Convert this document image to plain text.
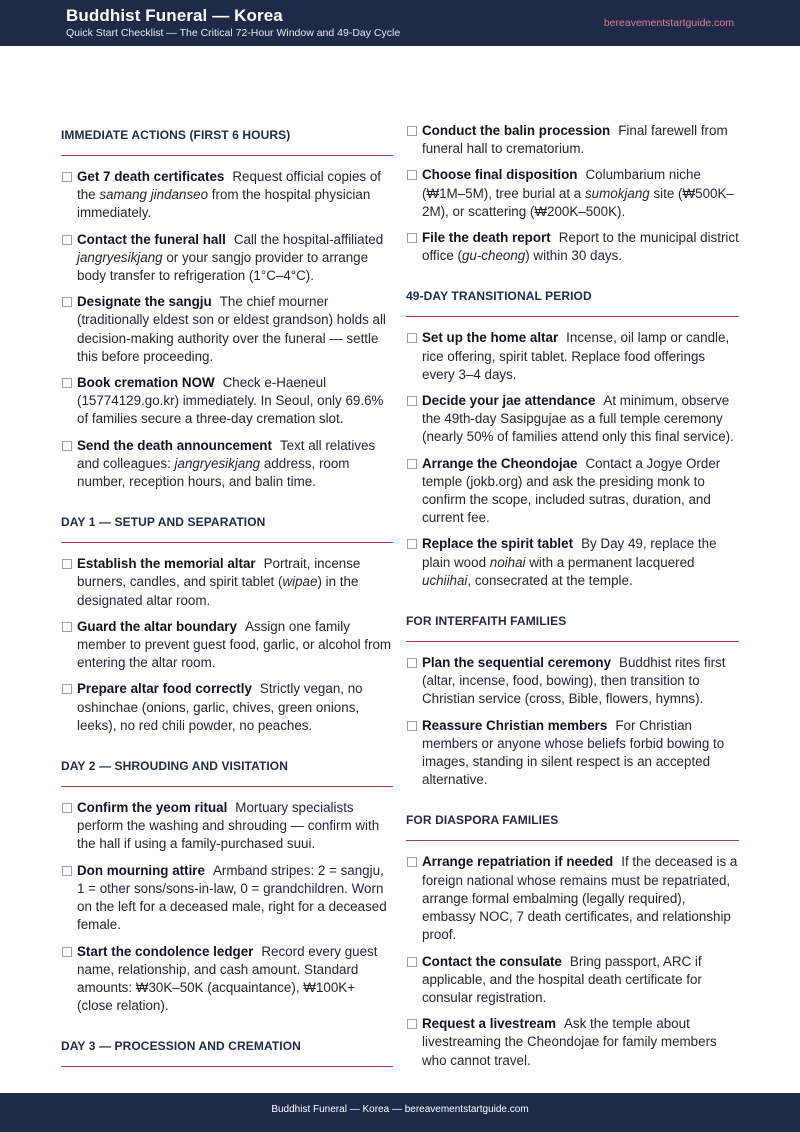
Buddhist Funeral — Korea
Quick Start Checklist — The Critical 72-Hour Window and 49-Day Cycle
bereavementstartguide.com
IMMEDIATE ACTIONS (FIRST 6 HOURS)
Get 7 death certificates Request official copies of the samang jindanseo from the hospital physician immediately.
Contact the funeral hall Call the hospital-affiliated jangryesikjang or your sangjo provider to arrange body transfer to refrigeration (1°C–4°C).
Designate the sangju The chief mourner (traditionally eldest son or eldest grandson) holds all decision-making authority over the funeral — settle this before proceeding.
Book cremation NOW Check e-Haeneul (15774129.go.kr) immediately. In Seoul, only 69.6% of families secure a three-day cremation slot.
Send the death announcement Text all relatives and colleagues: jangryesikjang address, room number, reception hours, and balin time.
DAY 1 — SETUP AND SEPARATION
Establish the memorial altar Portrait, incense burners, candles, and spirit tablet (wipae) in the designated altar room.
Guard the altar boundary Assign one family member to prevent guest food, garlic, or alcohol from entering the altar room.
Prepare altar food correctly Strictly vegan, no oshinchae (onions, garlic, chives, green onions, leeks), no red chili powder, no peaches.
DAY 2 — SHROUDING AND VISITATION
Confirm the yeom ritual Mortuary specialists perform the washing and shrouding — confirm with the hall if using a family-purchased suui.
Don mourning attire Armband stripes: 2 = sangju, 1 = other sons/sons-in-law, 0 = grandchildren. Worn on the left for a deceased male, right for a deceased female.
Start the condolence ledger Record every guest name, relationship, and cash amount. Standard amounts: ₩30K–50K (acquaintance), ₩100K+ (close relation).
DAY 3 — PROCESSION AND CREMATION
Conduct the balin procession Final farewell from funeral hall to crematorium.
Choose final disposition Columbarium niche (₩1M–5M), tree burial at a sumokjang site (₩500K–2M), or scattering (₩200K–500K).
File the death report Report to the municipal district office (gu-cheong) within 30 days.
49-DAY TRANSITIONAL PERIOD
Set up the home altar Incense, oil lamp or candle, rice offering, spirit tablet. Replace food offerings every 3–4 days.
Decide your jae attendance At minimum, observe the 49th-day Sasipgujae as a full temple ceremony (nearly 50% of families attend only this final service).
Arrange the Cheondojae Contact a Jogye Order temple (jokb.org) and ask the presiding monk to confirm the scope, included sutras, duration, and current fee.
Replace the spirit tablet By Day 49, replace the plain wood noihai with a permanent lacquered uchiihai, consecrated at the temple.
FOR INTERFAITH FAMILIES
Plan the sequential ceremony Buddhist rites first (altar, incense, food, bowing), then transition to Christian service (cross, Bible, flowers, hymns).
Reassure Christian members For Christian members or anyone whose beliefs forbid bowing to images, standing in silent respect is an accepted alternative.
FOR DIASPORA FAMILIES
Arrange repatriation if needed If the deceased is a foreign national whose remains must be repatriated, arrange formal embalming (legally required), embassy NOC, 7 death certificates, and relationship proof.
Contact the consulate Bring passport, ARC if applicable, and the hospital death certificate for consular registration.
Request a livestream Ask the temple about livestreaming the Cheondojae for family members who cannot travel.
Buddhist Funeral — Korea — bereavementstartguide.com
